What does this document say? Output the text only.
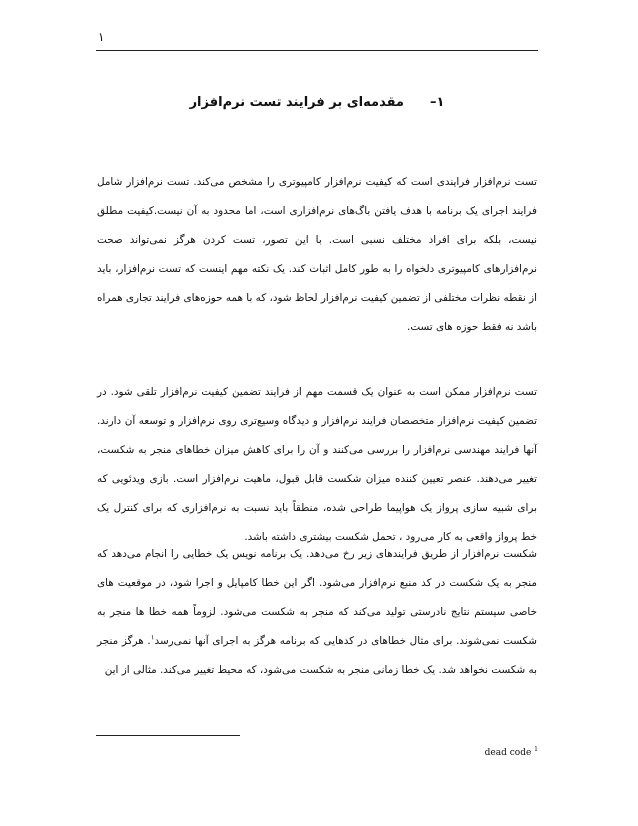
۱
۱–مقدمه‌ای بر فرایند تست نرم‌افزار

تست نرم‌افزار فرایندی است که کیفیت نرم‌افزار کامپیوتری را مشخص می‌کند. تست نرم‌افزار شامل فرایند اجرای یک برنامه با هدف یافتن باگ‌های نرم‌افزاری است، اما محدود به آن نیست.کیفیت مطلق نیست، بلکه برای افراد مختلف نسبی است. با این تصور، تست کردن هرگز نمی‌تواند صحت نرم‌افزارهای کامپیوتری دلخواه را به طور کامل اثبات کند. یک نکته مهم اینست که تست نرم‌افزار، باید از نقطه نظرات مختلفی از تضمین کیفیت نرم‌افزار لحاظ شود، که با همه حوزه‌های فرایند تجاری همراه باشد نه فقط حوزه های تست.

تست نرم‌افزار ممکن است به عنوان یک قسمت مهم از فرایند تضمین کیفیت نرم‌افزار تلقی شود. در تضمین کیفیت نرم‌افزار متخصصان فرایند نرم‌افزار و دیدگاه وسیع‌تری روی نرم‌افزار و توسعه آن دارند. آنها فرایند مهندسی نرم‌افزار را بررسی می‌کنند و آن را برای کاهش میزان خطاهای منجر به شکست، تغییر می‌دهند. عنصر تعیین کننده میزان شکست قابل قبول، ماهیت نرم‌افزار است. بازی ویدئویی که برای شبیه سازی پرواز یک هواپیما طراحی شده، منطقاً باید نسبت به نرم‌افزاری که برای کنترل یک خط پرواز واقعی به کار می‌رود ، تحمل شکست بیشتری داشته باشد.

شکست نرم‌افزار از طریق فرایندهای زیر رخ می‌دهد. یک برنامه نویس یک خطایی را انجام می‌دهد که منجر به یک شکست در کد منبع نرم‌افزار می‌شود. اگر این خطا کامپایل و اجرا شود، در موقعیت های خاصی سیستم نتایج نادرستی تولید می‌کند که منجر به شکست می‌شود. لزوماً همه خطا ها منجر به شکست نمی‌شوند. برای مثال خطاهای در کدهایی که برنامه هرگز به اجرای آنها نمی‌رسد$^۱$. هرگز منجر به شکست نخواهد شد. یک خطا زمانی منجر به شکست می‌شود، که محیط تغییر می‌کند. مثالی از این

dead code $^1$
